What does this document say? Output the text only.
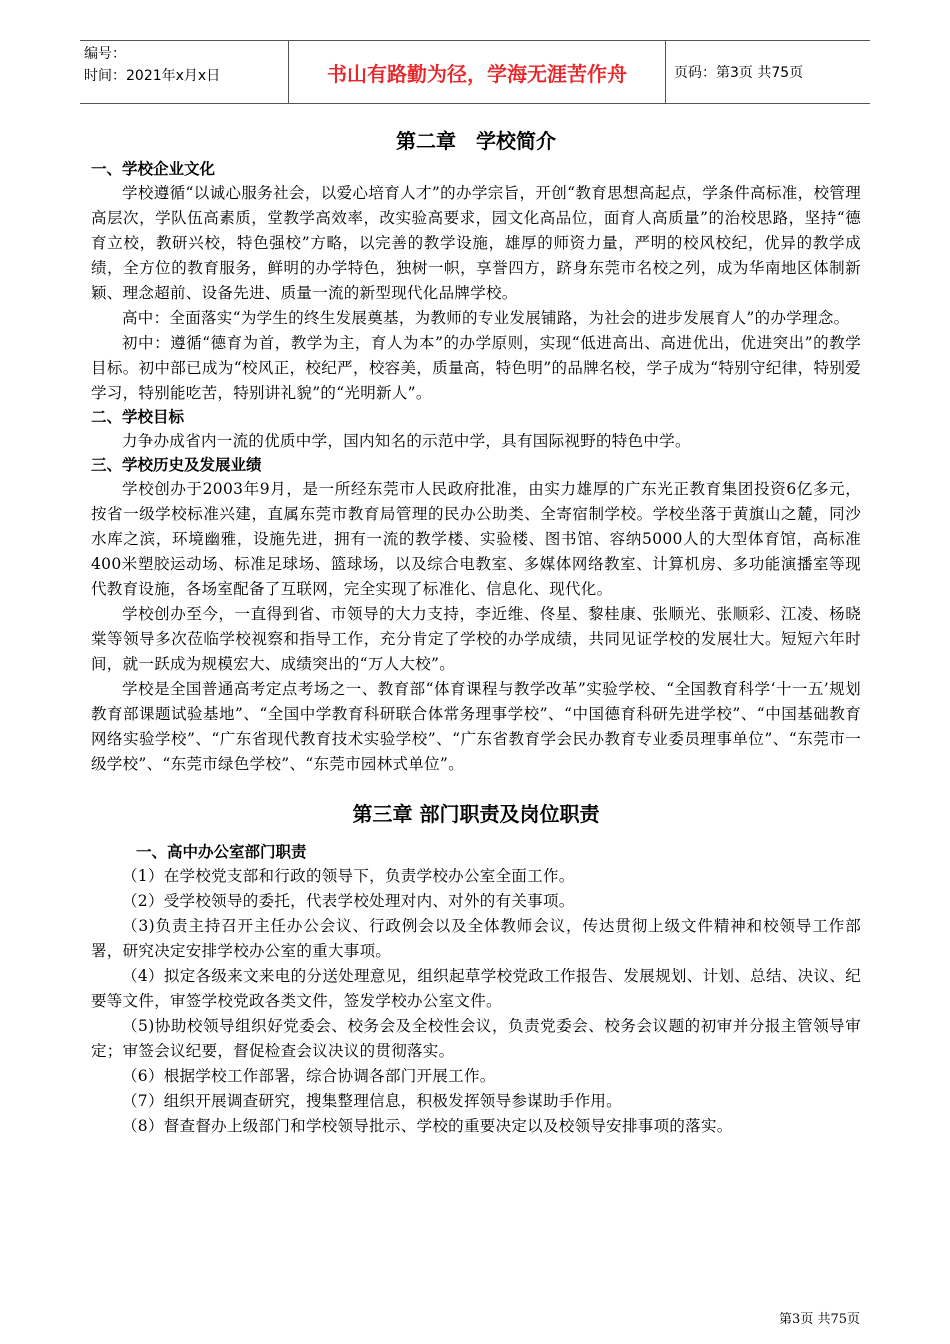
编号：
时间：2021年x月x日	书山有路勤为径，学海无涯苦作舟	页码：第3页 共75页
第二章　学校简介
一、学校企业文化

学校遵循“以诚心服务社会，以爱心培育人才”的办学宗旨，开创“教育思想高起点，学条件高标准，校管理高层次，学队伍高素质，堂教学高效率，改实验高要求，园文化高品位，面育人高质量”的治校思路，坚持“德育立校，教研兴校，特色强校”方略，以完善的教学设施，雄厚的师资力量，严明的校风校纪，优异的教学成绩，全方位的教育服务，鲜明的办学特色，独树一帜，享誉四方，跻身东莞市名校之列，成为华南地区体制新颖、理念超前、设备先进、质量一流的新型现代化品牌学校。

高中：全面落实“为学生的终生发展奠基，为教师的专业发展铺路，为社会的进步发展育人”的办学理念。

初中：遵循“德育为首，教学为主，育人为本”的办学原则，实现“低进高出、高进优出，优进突出”的教学目标。初中部已成为“校风正，校纪严，校容美，质量高，特色明”的品牌名校，学子成为“特别守纪律，特别爱学习，特别能吃苦，特别讲礼貌”的“光明新人”。

二、学校目标

力争办成省内一流的优质中学，国内知名的示范中学，具有国际视野的特色中学。

三、学校历史及发展业绩

学校创办于2003年9月，是一所经东莞市人民政府批准，由实力雄厚的广东光正教育集团投资6亿多元，按省一级学校标准兴建，直属东莞市教育局管理的民办公助类、全寄宿制学校。学校坐落于黄旗山之麓，同沙水库之滨，环境幽雅，设施先进，拥有一流的教学楼、实验楼、图书馆、容纳5000人的大型体育馆，高标准400米塑胶运动场、标准足球场、篮球场，以及综合电教室、多媒体网络教室、计算机房、多功能演播室等现代教育设施，各场室配备了互联网，完全实现了标准化、信息化、现代化。

学校创办至今，一直得到省、市领导的大力支持，李近维、佟星、黎桂康、张顺光、张顺彩、江凌、杨晓棠等领导多次莅临学校视察和指导工作，充分肯定了学校的办学成绩，共同见证学校的发展壮大。短短六年时间，就一跃成为规模宏大、成绩突出的“万人大校”。

学校是全国普通高考定点考场之一、教育部“体育课程与教学改革”实验学校、“全国教育科学‘十一五’规划教育部课题试验基地”、“全国中学教育科研联合体常务理事学校”、“中国德育科研先进学校”、“中国基础教育网络实验学校”、“广东省现代教育技术实验学校”、“广东省教育学会民办教育专业委员理事单位”、“东莞市一级学校”、“东莞市绿色学校”、“东莞市园林式单位”。

第三章 部门职责及岗位职责
一、高中办公室部门职责

（1）在学校党支部和行政的领导下，负责学校办公室全面工作。

（2）受学校领导的委托，代表学校处理对内、对外的有关事项。

（3)负责主持召开主任办公会议、行政例会以及全体教师会议，传达贯彻上级文件精神和校领导工作部署，研究决定安排学校办公室的重大事项。

（4）拟定各级来文来电的分送处理意见，组织起草学校党政工作报告、发展规划、计划、总结、决议、纪要等文件，审签学校党政各类文件，签发学校办公室文件。

（5)协助校领导组织好党委会、校务会及全校性会议，负责党委会、校务会议题的初审并分报主管领导审定；审签会议纪要，督促检查会议决议的贯彻落实。

（6）根据学校工作部署，综合协调各部门开展工作。

（7）组织开展调查研究，搜集整理信息，积极发挥领导参谋助手作用。

（8）督查督办上级部门和学校领导批示、学校的重要决定以及校领导安排事项的落实。

第3页 共75页
